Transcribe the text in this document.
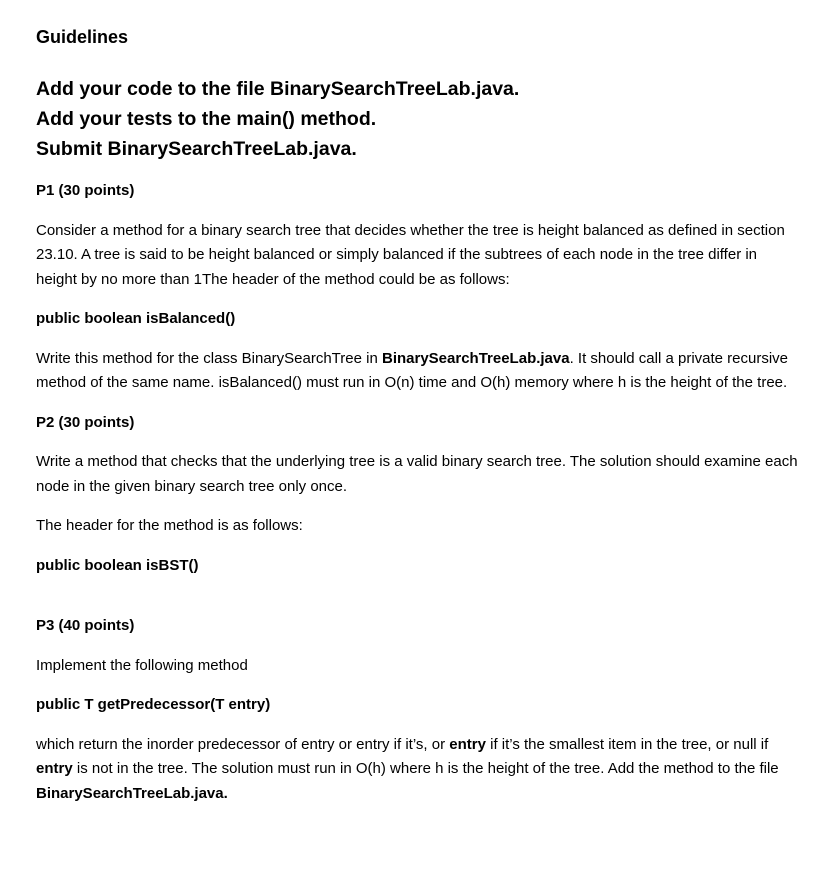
Guidelines
Add your code to the file BinarySearchTreeLab.java.
Add your tests to the main() method.
Submit BinarySearchTreeLab.java.
P1 (30 points)

Consider a method for a binary search tree that decides whether the tree is height balanced as defined in section 23.10. A tree is said to be height balanced or simply balanced if the subtrees of each node in the tree differ in height by no more than 1The header of the method could be as follows:

public boolean isBalanced()

Write this method for the class BinarySearchTree in BinarySearchTreeLab.java. It should call a private recursive method of the same name. isBalanced() must run in O(n) time and O(h) memory where h is the height of the tree.

P2 (30 points)

Write a method that checks that the underlying tree is a valid binary search tree. The solution should examine each node in the given binary search tree only once.

The header for the method is as follows:

public boolean isBST()

P3 (40 points)

Implement the following method

public T getPredecessor(T entry)

which return the inorder predecessor of entry or entry if it’s, or entry if it’s the smallest item in the tree, or null if entry is not in the tree. The solution must run in O(h) where h is the height of the tree. Add the method to the file BinarySearchTreeLab.java.
